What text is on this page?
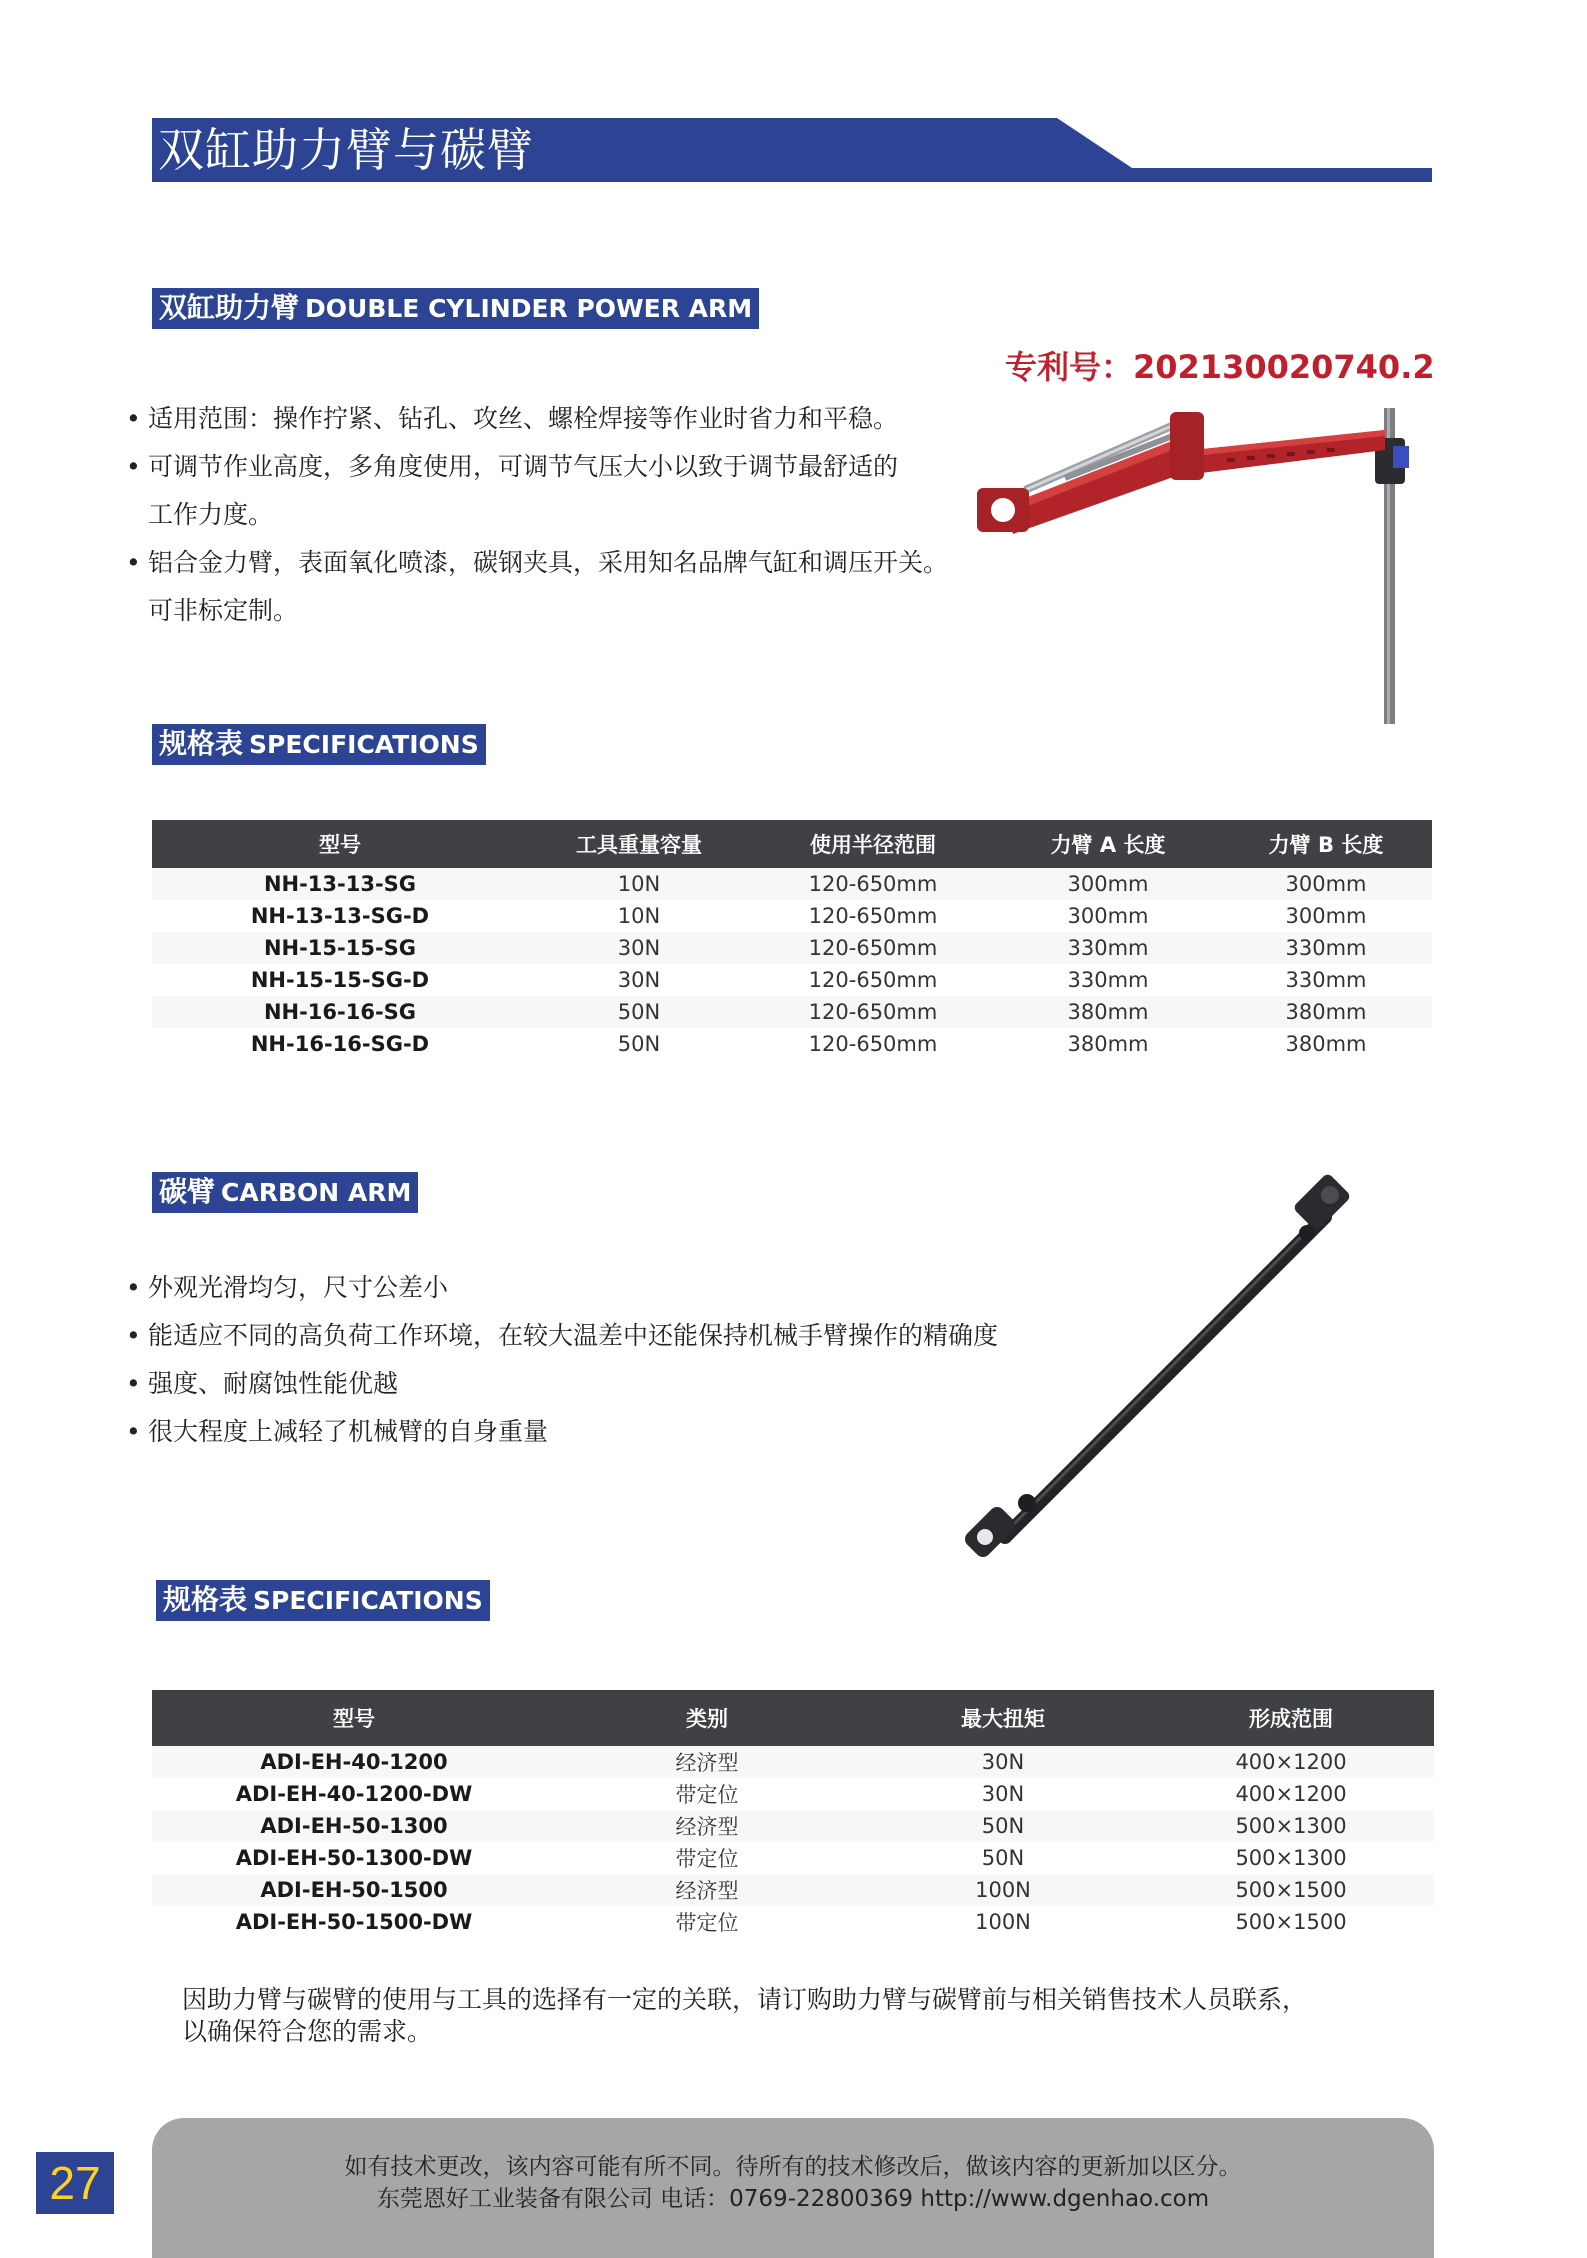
双缸助力臂与碳臂
双缸助力臂 DOUBLE CYLINDER POWER ARM
专利号：202130020740.2
• 适用范围：操作拧紧、钻孔、攻丝、螺栓焊接等作业时省力和平稳。
• 可调节作业高度，多角度使用，可调节气压大小以致于调节最舒适的
工作力度。
• 铝合金力臂，表面氧化喷漆，碳钢夹具，采用知名品牌气缸和调压开关。
可非标定制。
规格表 SPECIFICATIONS
型号	工具重量容量	使用半径范围	力臂 A 长度	力臂 B 长度
NH-13-13-SG	10N	120-650mm	300mm	300mm
NH-13-13-SG-D	10N	120-650mm	300mm	300mm
NH-15-15-SG	30N	120-650mm	330mm	330mm
NH-15-15-SG-D	30N	120-650mm	330mm	330mm
NH-16-16-SG	50N	120-650mm	380mm	380mm
NH-16-16-SG-D	50N	120-650mm	380mm	380mm
碳臂 CARBON ARM
• 外观光滑均匀，尺寸公差小
• 能适应不同的高负荷工作环境，在较大温差中还能保持机械手臂操作的精确度
• 强度、耐腐蚀性能优越
• 很大程度上减轻了机械臂的自身重量
规格表 SPECIFICATIONS
型号	类别	最大扭矩	形成范围
ADI-EH-40-1200	经济型	30N	400×1200
ADI-EH-40-1200-DW	带定位	30N	400×1200
ADI-EH-50-1300	经济型	50N	500×1300
ADI-EH-50-1300-DW	带定位	50N	500×1300
ADI-EH-50-1500	经济型	100N	500×1500
ADI-EH-50-1500-DW	带定位	100N	500×1500
因助力臂与碳臂的使用与工具的选择有一定的关联，请订购助力臂与碳臂前与相关销售技术人员联系，
以确保符合您的需求。
27	如有技术更改，该内容可能有所不同。待所有的技术修改后，做该内容的更新加以区分。
东莞恩好工业装备有限公司 电话：0769-22800369 http://www.dgenhao.com
